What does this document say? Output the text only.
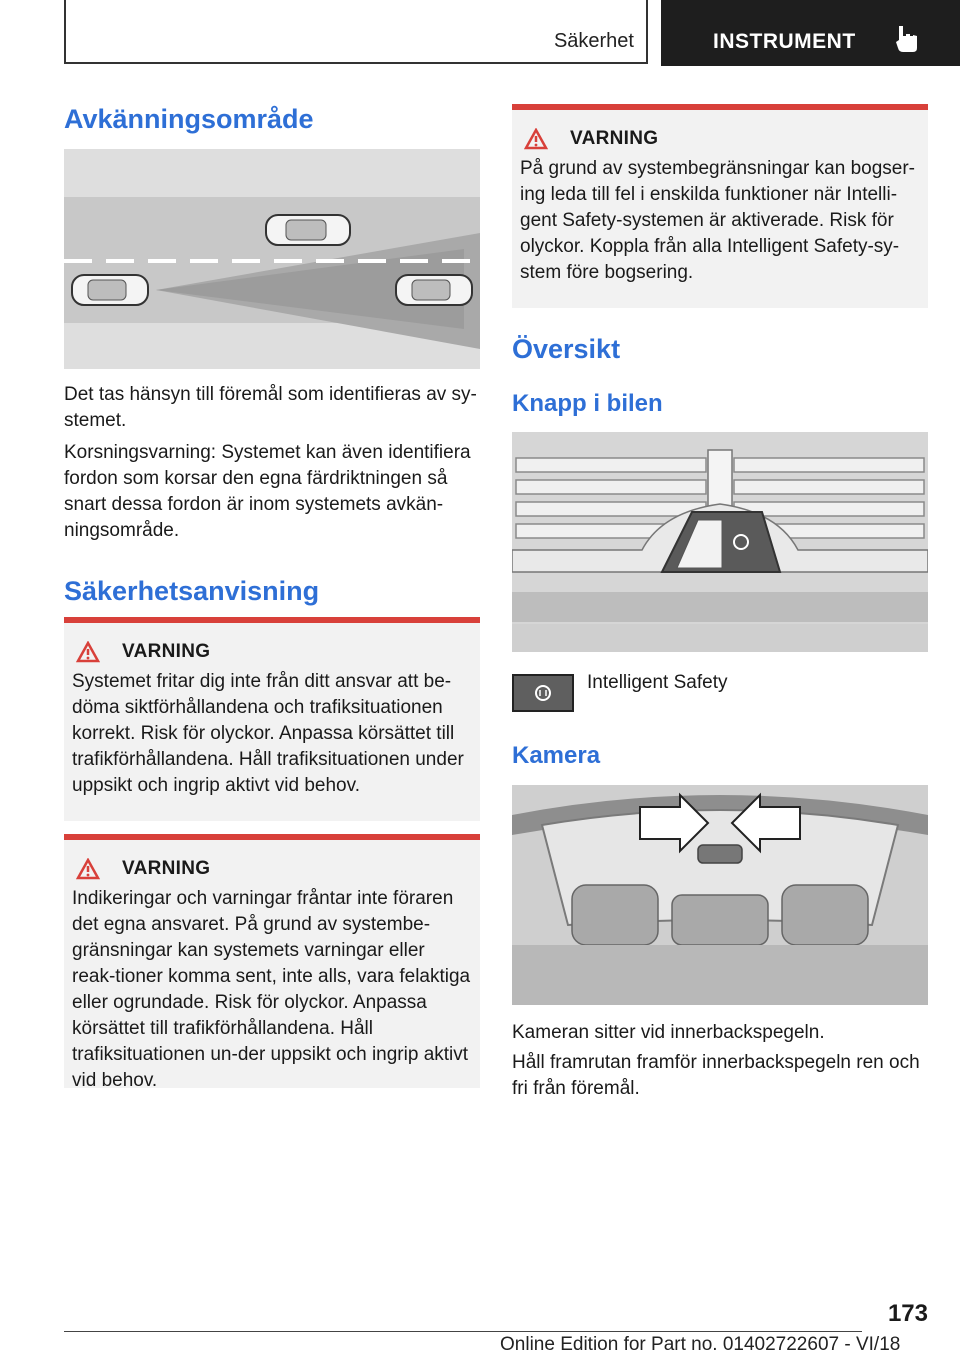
Säkerhet	INSTRUMENT
Avkänningsområde
Det tas hänsyn till föremål som identifieras av sy-stemet.
Korsningsvarning: Systemet kan även identifiera fordon som korsar den egna färdriktningen så snart dessa fordon är inom systemets avkän-ningsområde.
Säkerhetsanvisning
VARNING
Systemet fritar dig inte från ditt ansvar att be-döma siktförhållandena och trafiksituationen korrekt. Risk för olyckor. Anpassa körsättet till trafikförhållandena. Håll trafiksituationen under uppsikt och ingrip aktivt vid behov.
VARNING
Indikeringar och varningar fråntar inte föraren det egna ansvaret. På grund av systembe-gränsningar kan systemets varningar eller reak-tioner komma sent, inte alls, vara felaktiga eller ogrundade. Risk för olyckor. Anpassa körsättet till trafikförhållandena. Håll trafiksituationen un-der uppsikt och ingrip aktivt vid behov.
VARNING
På grund av systembegränsningar kan bogser-ing leda till fel i enskilda funktioner när Intelli-gent Safety-systemen är aktiverade. Risk för olyckor. Koppla från alla Intelligent Safety-sy-stem före bogsering.
Översikt
Knapp i bilen
Intelligent Safety
Kamera
Kameran sitter vid innerbackspegeln.
Håll framrutan framför innerbackspegeln ren och fri från föremål.
173
Online Edition for Part no. 01402722607 - VI/18
